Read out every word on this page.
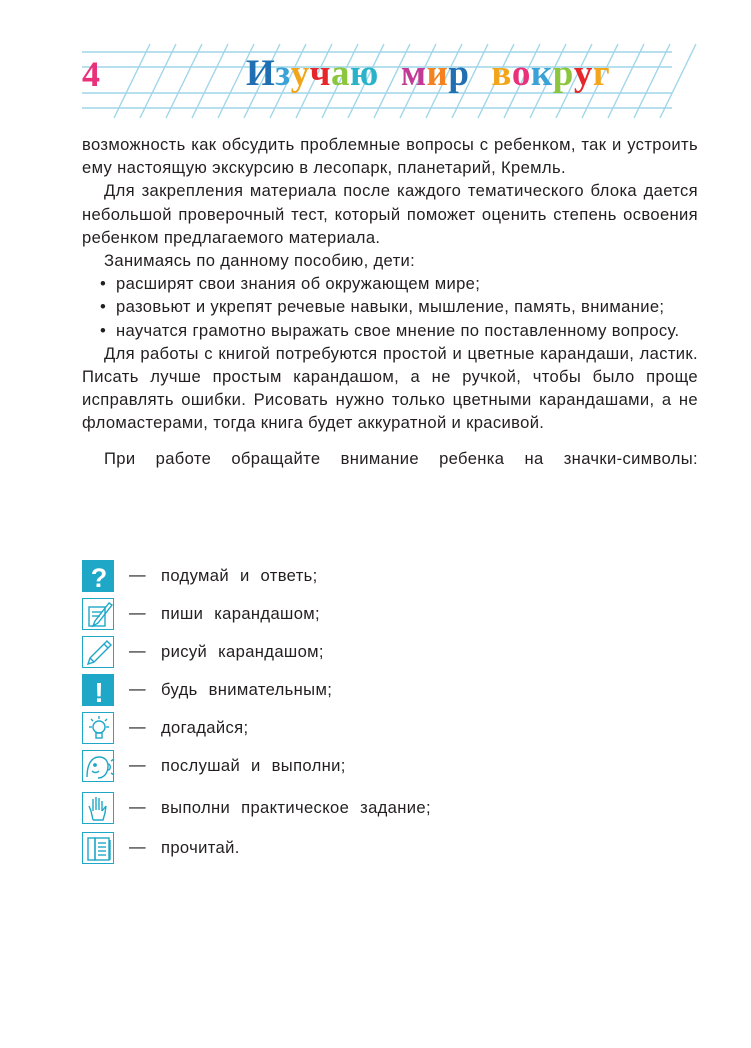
4	Изучаю мир вокруг

возможность как обсудить проблемные вопросы с ребенком, так и устроить ему настоящую экскурсию в лесопарк, планетарий, Кремль.

Для закрепления материала после каждого тематического блока дается небольшой проверочный тест, который поможет оценить степень освоения ребенком предлагаемого материала.

Занимаясь по данному пособию, дети:

• расширят свои знания об окружающем мире;
• разовьют и укрепят речевые навыки, мышление, память, внимание;
• научатся грамотно выражать свое мнение по поставленному вопросу.

Для работы с книгой потребуются простой и цветные карандаши, ластик. Писать лучше простым карандашом, а не ручкой, чтобы было проще исправлять ошибки. Рисовать нужно только цветными карандашами, а не фломастерами, тогда книга будет аккуратной и красивой.

При работе обращайте внимание ребенка на значки-символы:

? — подумай и ответь;
— пиши карандашом;
— рисуй карандашом;
! — будь внимательным;
— догадайся;
— послушай и выполни;
— выполни практическое задание;
— прочитай.
